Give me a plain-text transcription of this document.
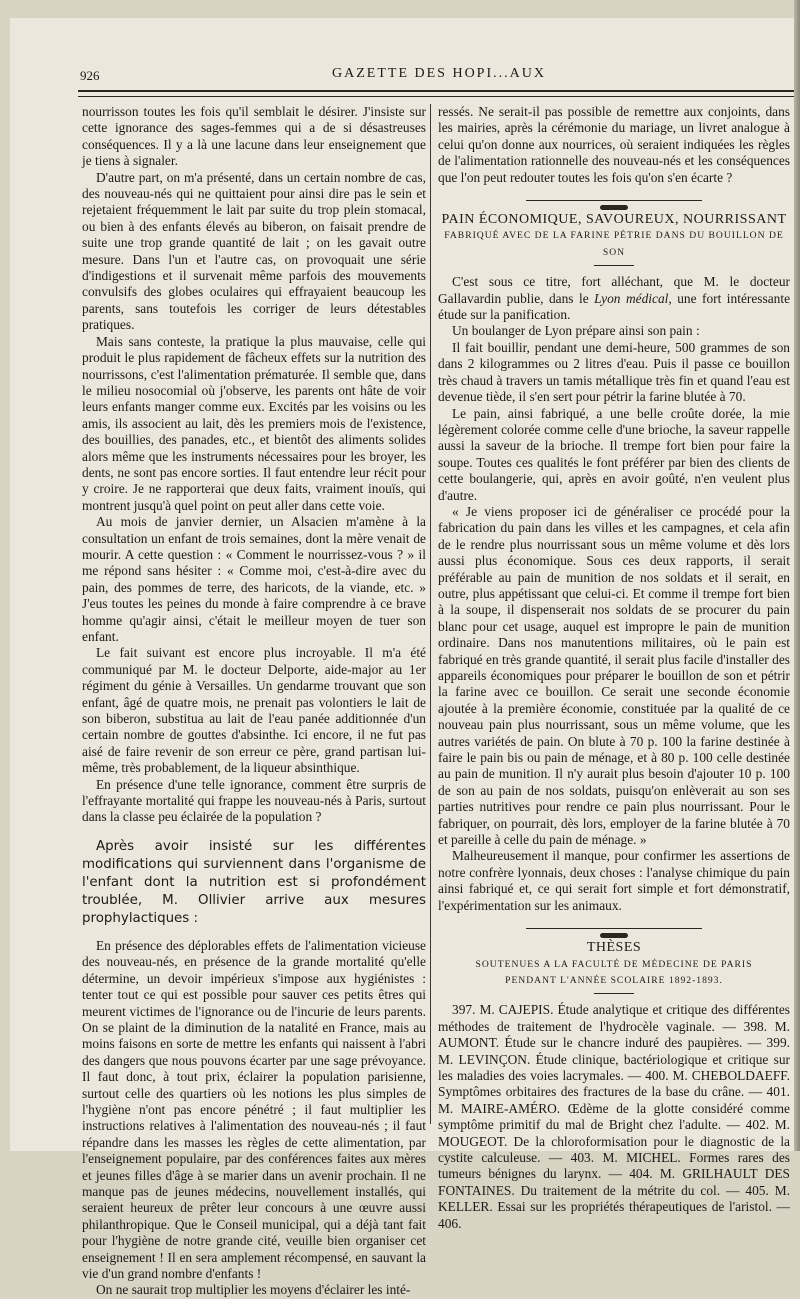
926	GAZETTE DES HOPI...AUX

nourrisson toutes les fois qu'il semblait le désirer. J'insiste sur cette ignorance des sages-femmes qui a de si désastreuses conséquences. Il y a là une lacune dans leur enseignement que je tiens à signaler.

D'autre part, on m'a présenté, dans un certain nombre de cas, des nouveau-nés qui ne quittaient pour ainsi dire pas le sein et rejetaient fréquemment le lait par suite du trop plein stomacal, ou bien à des enfants élevés au biberon, on faisait prendre de suite une trop grande quantité de lait ; on les gavait outre mesure. Dans l'un et l'autre cas, on provoquait une série d'indigestions et il survenait même parfois des mouvements convulsifs des globes oculaires qui effrayaient beaucoup les parents, sans toutefois les corriger de leurs détestables pratiques.

Mais sans conteste, la pratique la plus mauvaise, celle qui produit le plus rapidement de fâcheux effets sur la nutrition des nourrissons, c'est l'alimentation prématurée. Il semble que, dans le milieu nosocomial où j'observe, les parents ont hâte de voir leurs enfants manger comme eux. Excités par les voisins ou les amis, ils associent au lait, dès les premiers mois de l'existence, des bouillies, des panades, etc., et bientôt des aliments solides alors même que les instruments nécessaires pour les broyer, les dents, ne sont pas encore sorties. Il faut entendre leur récit pour y croire. Je ne rapporterai que deux faits, vraiment inouïs, qui montrent jusqu'à quel point on peut aller dans cette voie.

Au mois de janvier dernier, un Alsacien m'amène à la consultation un enfant de trois semaines, dont la mère venait de mourir. A cette question : « Comment le nourrissez-vous ? » il me répond sans hésiter : « Comme moi, c'est-à-dire avec du pain, des pommes de terre, des haricots, de la viande, etc. » J'eus toutes les peines du monde à faire comprendre à ce brave homme qu'agir ainsi, c'était le meilleur moyen de tuer son enfant.

Le fait suivant est encore plus incroyable. Il m'a été communiqué par M. le docteur Delporte, aide-major au 1er régiment du génie à Versailles. Un gendarme trouvant que son enfant, âgé de quatre mois, ne prenait pas volontiers le lait de son biberon, substitua au lait de l'eau panée additionnée d'un certain nombre de gouttes d'absinthe. Ici encore, il ne fut pas aisé de faire revenir de son erreur ce père, grand partisan lui-même, très probablement, de la liqueur absinthique.

En présence d'une telle ignorance, comment être surpris de l'effrayante mortalité qui frappe les nouveau-nés à Paris, surtout dans la classe peu éclairée de la population ?

Après avoir insisté sur les différentes modifications qui surviennent dans l'organisme de l'enfant dont la nutrition est si profondément troublée, M. Ollivier arrive aux mesures prophylactiques :

En présence des déplorables effets de l'alimentation vicieuse des nouveau-nés, en présence de la grande mortalité qu'elle détermine, un devoir impérieux s'impose aux hygiénistes : tenter tout ce qui est possible pour sauver ces petits êtres qui meurent victimes de l'ignorance ou de l'incurie de leurs parents. On se plaint de la diminution de la natalité en France, mais au moins faisons en sorte de mettre les enfants qui naissent à l'abri des dangers que nous pouvons écarter par une sage prévoyance. Il faut donc, à tout prix, éclairer la population parisienne, surtout celle des quartiers où les notions les plus simples de l'hygiène n'ont pas encore pénétré ; il faut multiplier les instructions relatives à l'alimentation des nouveau-nés ; il faut répandre dans les masses les règles de cette alimentation, par l'enseignement populaire, par des conférences faites aux mères et jeunes filles d'âge à se marier dans un avenir prochain. Il ne manque pas de jeunes médecins, nouvellement installés, qui seraient heureux de prêter leur concours à une œuvre aussi philanthropique. Que le Conseil municipal, qui a déjà tant fait pour l'hygiène de notre grande cité, veuille bien organiser cet enseignement ! Il en sera amplement récompensé, en sauvant la vie d'un grand nombre d'enfants !

On ne saurait trop multiplier les moyens d'éclairer les inté-

ressés. Ne serait-il pas possible de remettre aux conjoints, dans les mairies, après la cérémonie du mariage, un livret analogue à celui qu'on donne aux nourrices, où seraient indiquées les règles de l'alimentation rationnelle des nouveau-nés et les conséquences que l'on peut redouter toutes les fois qu'on s'en écarte ?

PAIN ÉCONOMIQUE, SAVOUREUX, NOURRISSANT

FABRIQUÉ AVEC DE LA FARINE PÉTRIE DANS DU BOUILLON DE SON

C'est sous ce titre, fort alléchant, que M. le docteur Gallavardin publie, dans le Lyon médical, une fort intéressante étude sur la panification.

Un boulanger de Lyon prépare ainsi son pain :

Il fait bouillir, pendant une demi-heure, 500 grammes de son dans 2 kilogrammes ou 2 litres d'eau. Puis il passe ce bouillon très chaud à travers un tamis métallique très fin et quand l'eau est devenue tiède, il s'en sert pour pétrir la farine blutée à 70.

Le pain, ainsi fabriqué, a une belle croûte dorée, la mie légèrement colorée comme celle d'une brioche, la saveur rappelle aussi la saveur de la brioche. Il trempe fort bien pour faire la soupe. Toutes ces qualités le font préférer par bien des clients de cette boulangerie, qui, après en avoir goûté, n'en veulent plus d'autre.

« Je viens proposer ici de généraliser ce procédé pour la fabrication du pain dans les villes et les campagnes, et cela afin de le rendre plus nourrissant sous un même volume et dès lors aussi plus économique. Sous ces deux rapports, il serait préférable au pain de munition de nos soldats et il serait, en outre, plus appétissant que celui-ci. Et comme il trempe fort bien à la soupe, il dispenserait nos soldats de se procurer du pain blanc pour cet usage, auquel est impropre le pain de munition ordinaire. Dans nos manutentions militaires, où le pain est fabriqué en très grande quantité, il serait plus facile d'installer des appareils économiques pour préparer le bouillon de son et pétrir la farine avec ce bouillon. Ce serait une seconde économie ajoutée à la première économie, constituée par la qualité de ce nouveau pain plus nourrissant, sous un même volume, que les autres variétés de pain. On blute à 70 p. 100 la farine destinée à faire le pain bis ou pain de ménage, et à 80 p. 100 celle destinée au pain de munition. Il n'y aurait plus besoin d'ajouter 10 p. 100 de son au pain de nos soldats, puisqu'on enlèverait au son ses parties nutritives pour rendre ce pain plus nourrissant. Pour le fabriquer, on pourrait, dès lors, employer de la farine blutée à 70 et pareille à celle du pain de ménage. »

Malheureusement il manque, pour confirmer les assertions de notre confrère lyonnais, deux choses : l'analyse chimique du pain ainsi fabriqué et, ce qui serait fort simple et fort démonstratif, l'expérimentation sur les animaux.

THÈSES

SOUTENUES A LA FACULTÉ DE MÉDECINE DE PARIS

PENDANT L'ANNÉE SCOLAIRE 1892-1893.

397. M. CAJEPIS. Étude analytique et critique des différentes méthodes de traitement de l'hydrocèle vaginale. — 398. M. AUMONT. Étude sur le chancre induré des paupières. — 399. M. LEVINÇON. Étude clinique, bactériologique et critique sur les maladies des voies lacrymales. — 400. M. CHEBOLDAEFF. Symptômes orbitaires des fractures de la base du crâne. — 401. M. MAIRE-AMÉRO. Œdème de la glotte considéré comme symptôme primitif du mal de Bright chez l'adulte. — 402. M. MOUGEOT. De la chloroformisation pour le diagnostic de la cystite calculeuse. — 403. M. MICHEL. Formes rares des tumeurs bénignes du larynx. — 404. M. GRILHAULT DES FONTAINES. Du traitement de la métrite du col. — 405. M. KELLER. Essai sur les propriétés thérapeutiques de l'aristol. — 406.
